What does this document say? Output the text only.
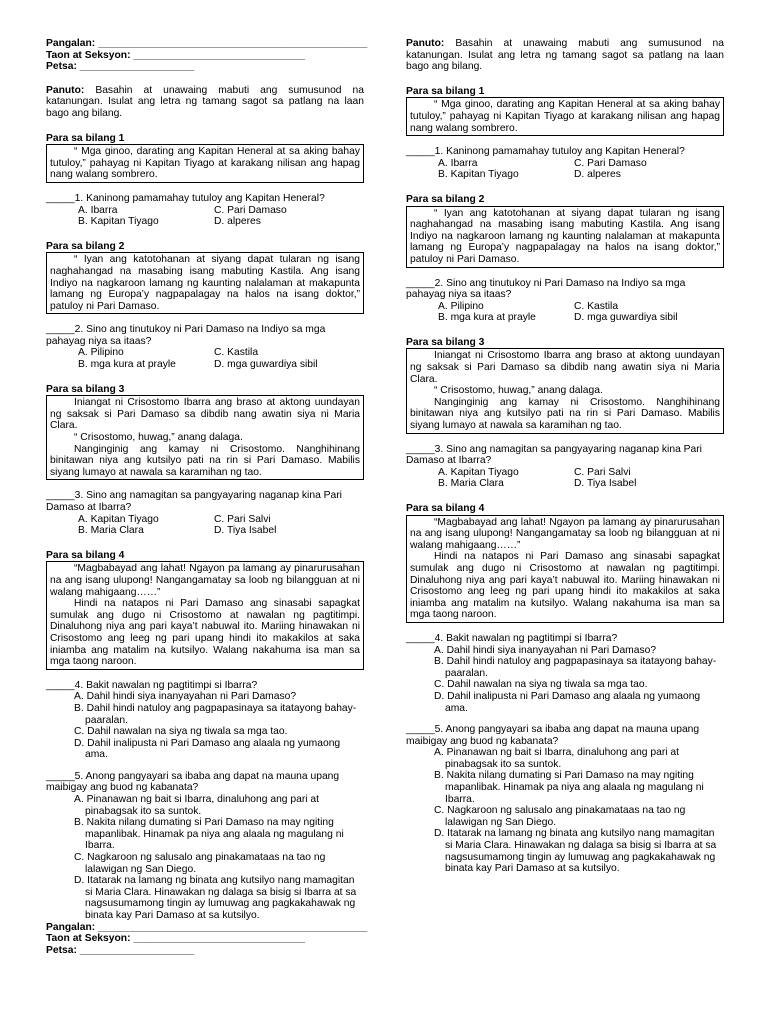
Pangalan: _______________________________________________
Taon at Seksyon: ______________________________
Petsa: ____________________
Panuto: Basahin at unawaing mabuti ang sumusunod na katanungan. Isulat ang letra ng tamang sagot sa patlang na laan bago ang bilang.
Para sa bilang 1
“ Mga ginoo, darating ang Kapitan Heneral at sa aking bahay tutuloy,” pahayag ni Kapitan Tiyago at karakang nilisan ang hapag nang walang sombrero.
_____1. Kaninong pamamahay tutuloy ang Kapitan Heneral?
A. Ibarra	C. Pari Damaso
B. Kapitan Tiyago	D. alperes
Para sa bilang 2
“ Iyan ang katotohanan at siyang dapat tularan ng isang naghahangad na masabing isang mabuting Kastila. Ang isang Indiyo na nagkaroon lamang ng kaunting nalalaman at makapunta lamang ng Europa’y nagpapalagay na halos na isang doktor,” patuloy ni Pari Damaso.
_____2. Sino ang tinutukoy ni Pari Damaso na Indiyo sa mga pahayag niya sa itaas?
A. Pilipino	C. Kastila
B. mga kura at prayle	D. mga guwardiya sibil
Para sa bilang 3
Iniangat ni Crisostomo Ibarra ang braso at aktong uundayan ng saksak si Pari Damaso sa dibdib nang awatin siya ni Maria Clara.
“ Crisostomo, huwag,” anang dalaga.
Nanginginig ang kamay ni Crisostomo. Nanghihinang binitawan niya ang kutsilyo pati na rin si Pari Damaso. Mabilis siyang lumayo at nawala sa karamihan ng tao.
_____3. Sino ang namagitan sa pangyayaring naganap kina Pari Damaso at Ibarra?
A. Kapitan Tiyago	C. Pari Salvi
B. Maria Clara	D. Tiya Isabel
Para sa bilang 4
“Magbabayad ang lahat! Ngayon pa lamang ay pinarurusahan na ang isang ulupong! Nangangamatay sa loob ng bilangguan at ni walang mahigaang……”
Hindi na natapos ni Pari Damaso ang sinasabi sapagkat sumulak ang dugo ni Crisostomo at nawalan ng pagtitimpi. Dinaluhong niya ang pari kaya’t nabuwal ito. Mariing hinawakan ni Crisostomo ang leeg ng pari upang hindi ito makakilos at saka iniamba ang matalim na kutsilyo. Walang nakahuma isa man sa mga taong naroon.
_____4. Bakit nawalan ng pagtitimpi si Ibarra?
A. Dahil hindi siya inanyayahan ni Pari Damaso?
B. Dahil hindi natuloy ang pagpapasinaya sa itatayong bahay-paaralan.
C. Dahil nawalan na siya ng tiwala sa mga tao.
D. Dahil inalipusta ni Pari Damaso ang alaala ng yumaong ama.
_____5. Anong pangyayari sa ibaba ang dapat na mauna upang maibigay ang buod ng kabanata?
A. Pinanawan ng bait si Ibarra, dinaluhong ang pari at pinabagsak ito sa suntok.
B. Nakita nilang dumating si Pari Damaso na may ngiting mapanlibak. Hinamak pa niya ang alaala ng magulang ni Ibarra.
C. Nagkaroon ng salusalo ang pinakamataas na tao ng lalawigan ng San Diego.
D. Itatarak na lamang ng binata ang kutsilyo nang mamagitan si Maria Clara. Hinawakan ng dalaga sa bisig si Ibarra at sa nagsusumamong tingin ay lumuwag ang pagkakahawak ng binata kay Pari Damaso at sa kutsilyo.
Pangalan: _______________________________________________
Taon at Seksyon: ______________________________
Petsa: ____________________
Panuto: Basahin at unawaing mabuti ang sumusunod na katanungan. Isulat ang letra ng tamang sagot sa patlang na laan bago ang bilang.
Para sa bilang 1
“ Mga ginoo, darating ang Kapitan Heneral at sa aking bahay tutuloy,” pahayag ni Kapitan Tiyago at karakang nilisan ang hapag nang walang sombrero.
_____1. Kaninong pamamahay tutuloy ang Kapitan Heneral?
A. Ibarra	C. Pari Damaso
B. Kapitan Tiyago	D. alperes
Para sa bilang 2
“ Iyan ang katotohanan at siyang dapat tularan ng isang naghahangad na masabing isang mabuting Kastila. Ang isang Indiyo na nagkaroon lamang ng kaunting nalalaman at makapunta lamang ng Europa’y nagpapalagay na halos na isang doktor,” patuloy ni Pari Damaso.
_____2. Sino ang tinutukoy ni Pari Damaso na Indiyo sa mga pahayag niya sa itaas?
A. Pilipino	C. Kastila
B. mga kura at prayle	D. mga guwardiya sibil
Para sa bilang 3
Iniangat ni Crisostomo Ibarra ang braso at aktong uundayan ng saksak si Pari Damaso sa dibdib nang awatin siya ni Maria Clara.
“ Crisostomo, huwag,” anang dalaga.
Nanginginig ang kamay ni Crisostomo. Nanghihinang binitawan niya ang kutsilyo pati na rin si Pari Damaso. Mabilis siyang lumayo at nawala sa karamihan ng tao.
_____3. Sino ang namagitan sa pangyayaring naganap kina Pari Damaso at Ibarra?
A. Kapitan Tiyago	C. Pari Salvi
B. Maria Clara	D. Tiya Isabel
Para sa bilang 4
“Magbabayad ang lahat! Ngayon pa lamang ay pinarurusahan na ang isang ulupong! Nangangamatay sa loob ng bilangguan at ni walang mahigaang……”
Hindi na natapos ni Pari Damaso ang sinasabi sapagkat sumulak ang dugo ni Crisostomo at nawalan ng pagtitimpi. Dinaluhong niya ang pari kaya’t nabuwal ito. Mariing hinawakan ni Crisostomo ang leeg ng pari upang hindi ito makakilos at saka iniamba ang matalim na kutsilyo. Walang nakahuma isa man sa mga taong naroon.
_____4. Bakit nawalan ng pagtitimpi si Ibarra?
A. Dahil hindi siya inanyayahan ni Pari Damaso?
B. Dahil hindi natuloy ang pagpapasinaya sa itatayong bahay-paaralan.
C. Dahil nawalan na siya ng tiwala sa mga tao.
D. Dahil inalipusta ni Pari Damaso ang alaala ng yumaong ama.
_____5. Anong pangyayari sa ibaba ang dapat na mauna upang maibigay ang buod ng kabanata?
A. Pinanawan ng bait si Ibarra, dinaluhong ang pari at pinabagsak ito sa suntok.
B. Nakita nilang dumating si Pari Damaso na may ngiting mapanlibak. Hinamak pa niya ang alaala ng magulang ni Ibarra.
C. Nagkaroon ng salusalo ang pinakamataas na tao ng lalawigan ng San Diego.
D. Itatarak na lamang ng binata ang kutsilyo nang mamagitan si Maria Clara. Hinawakan ng dalaga sa bisig si Ibarra at sa nagsusumamong tingin ay lumuwag ang pagkakahawak ng binata kay Pari Damaso at sa kutsilyo.
